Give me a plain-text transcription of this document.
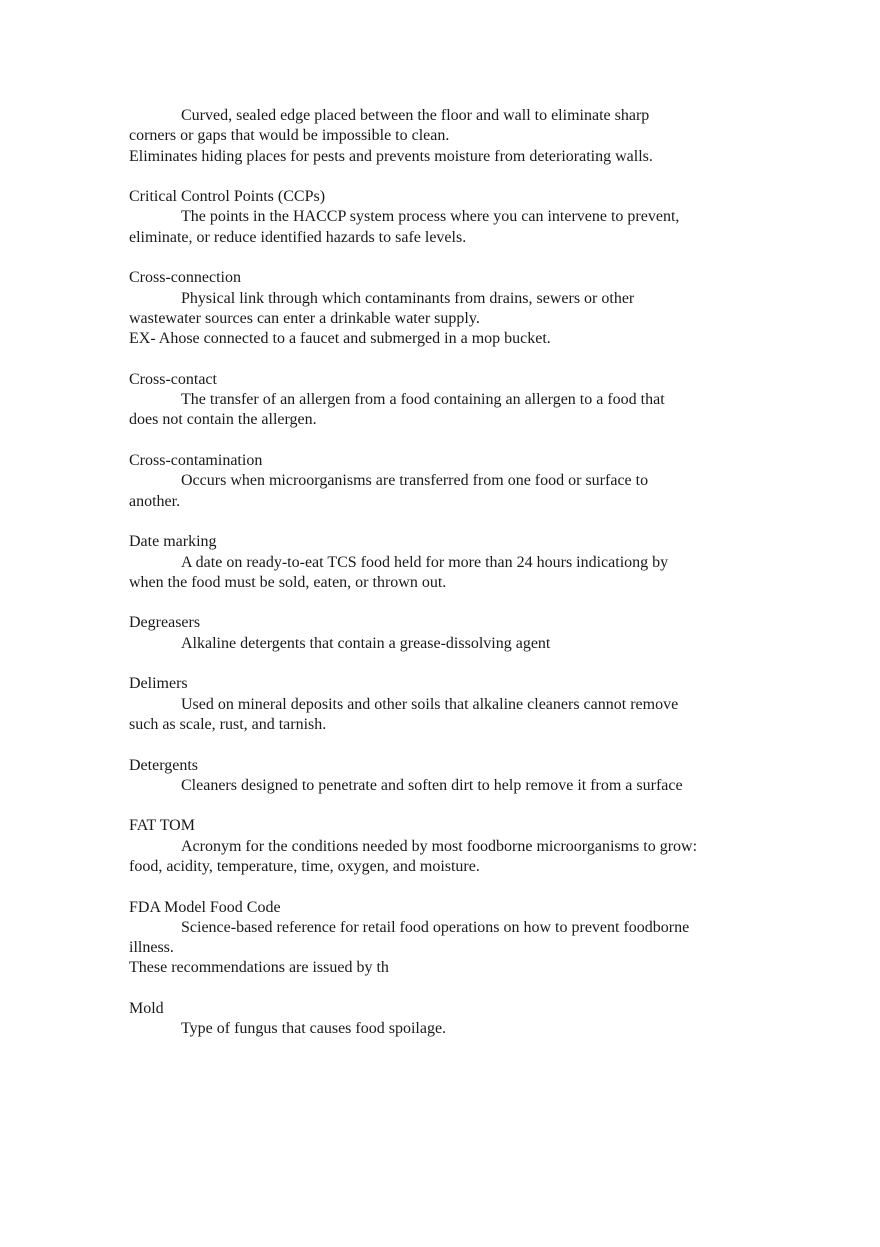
Curved, sealed edge placed between the floor and wall to eliminate sharp
corners or gaps that would be impossible to clean.
Eliminates hiding places for pests and prevents moisture from deteriorating walls.
Critical Control Points (CCPs)
The points in the HACCP system process where you can intervene to prevent,
eliminate, or reduce identified hazards to safe levels.
Cross-connection
Physical link through which contaminants from drains, sewers or other
wastewater sources can enter a drinkable water supply.
EX- Ahose connected to a faucet and submerged in a mop bucket.
Cross-contact
The transfer of an allergen from a food containing an allergen to a food that
does not contain the allergen.
Cross-contamination
Occurs when microorganisms are transferred from one food or surface to
another.
Date marking
A date on ready-to-eat TCS food held for more than 24 hours indicationg by
when the food must be sold, eaten, or thrown out.
Degreasers
Alkaline detergents that contain a grease-dissolving agent
Delimers
Used on mineral deposits and other soils that alkaline cleaners cannot remove
such as scale, rust, and tarnish.
Detergents
Cleaners designed to penetrate and soften dirt to help remove it from a surface
FAT TOM
Acronym for the conditions needed by most foodborne microorganisms to grow:
food, acidity, temperature, time, oxygen, and moisture.
FDA Model Food Code
Science-based reference for retail food operations on how to prevent foodborne
illness.
These recommendations are issued by th
Mold
Type of fungus that causes food spoilage.
